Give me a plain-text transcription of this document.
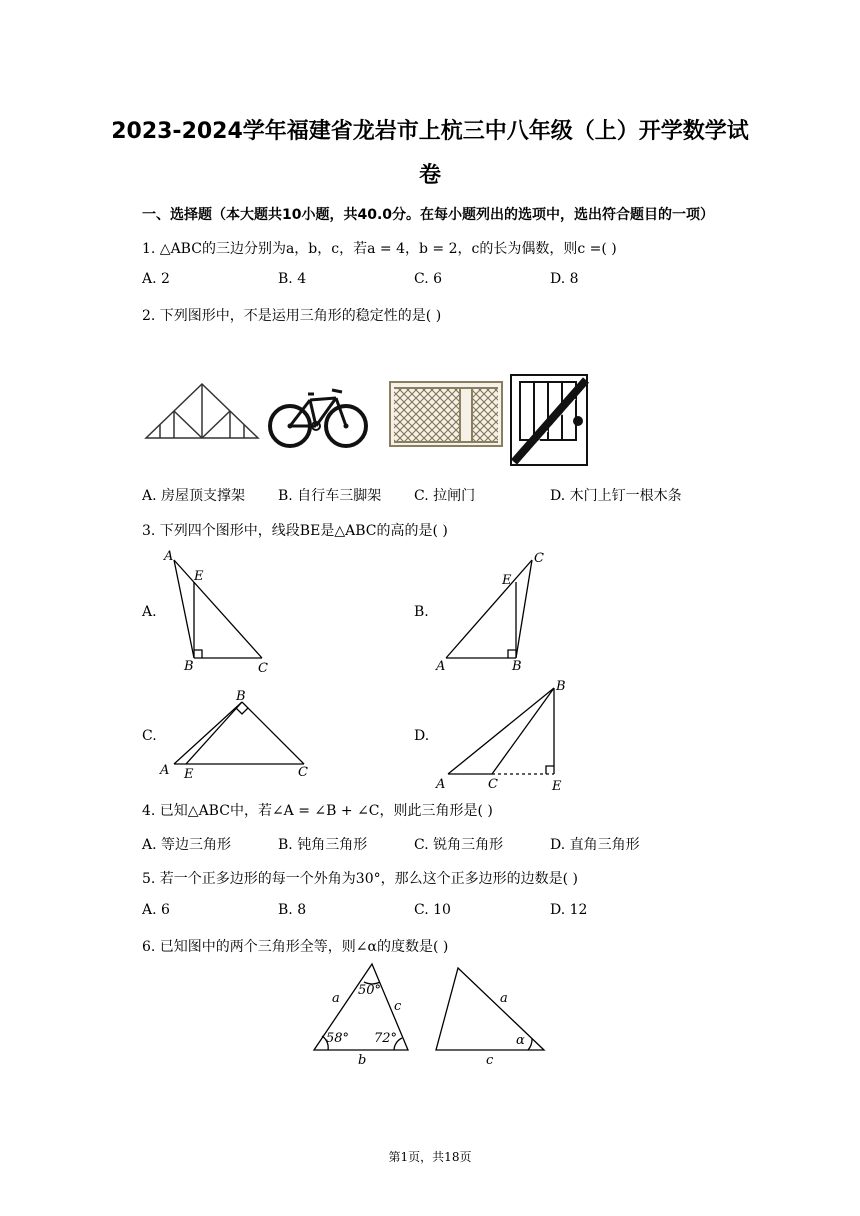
2023-2024学年福建省龙岩市上杭三中八年级（上）开学数学试
卷
一、选择题（本大题共10小题，共40.0分。在每小题列出的选项中，选出符合题目的一项）
1. △ABC的三边分别为a，b，c，若a = 4，b = 2，c的长为偶数，则c =( )
A. 2	B. 4	C. 6	D. 8
2. 下列图形中，不是运用三角形的稳定性的是( )
A. 房屋顶支撑架 B. 自行车三脚架 C. 拉闸门	D. 木门上钉一根木条
3. 下列四个图形中，线段BE是△ABC的高的是( )
A.
A
E
B	C
B.
C
E
A	B
C.
B
A E	C
D.
B
A	C	E
4. 已知△ABC中，若∠A = ∠B + ∠C，则此三角形是( )
A. 等边三角形	B. 钝角三角形	C. 锐角三角形	D. 直角三角形
5. 若一个正多边形的每一个外角为30°，那么这个正多边形的边数是( )
A. 6	B. 8	C. 10	D. 12
6. 已知图中的两个三角形全等，则∠α的度数是( )
50°
58° 72°
a
c
b
a
α
c
第1页，共18页
